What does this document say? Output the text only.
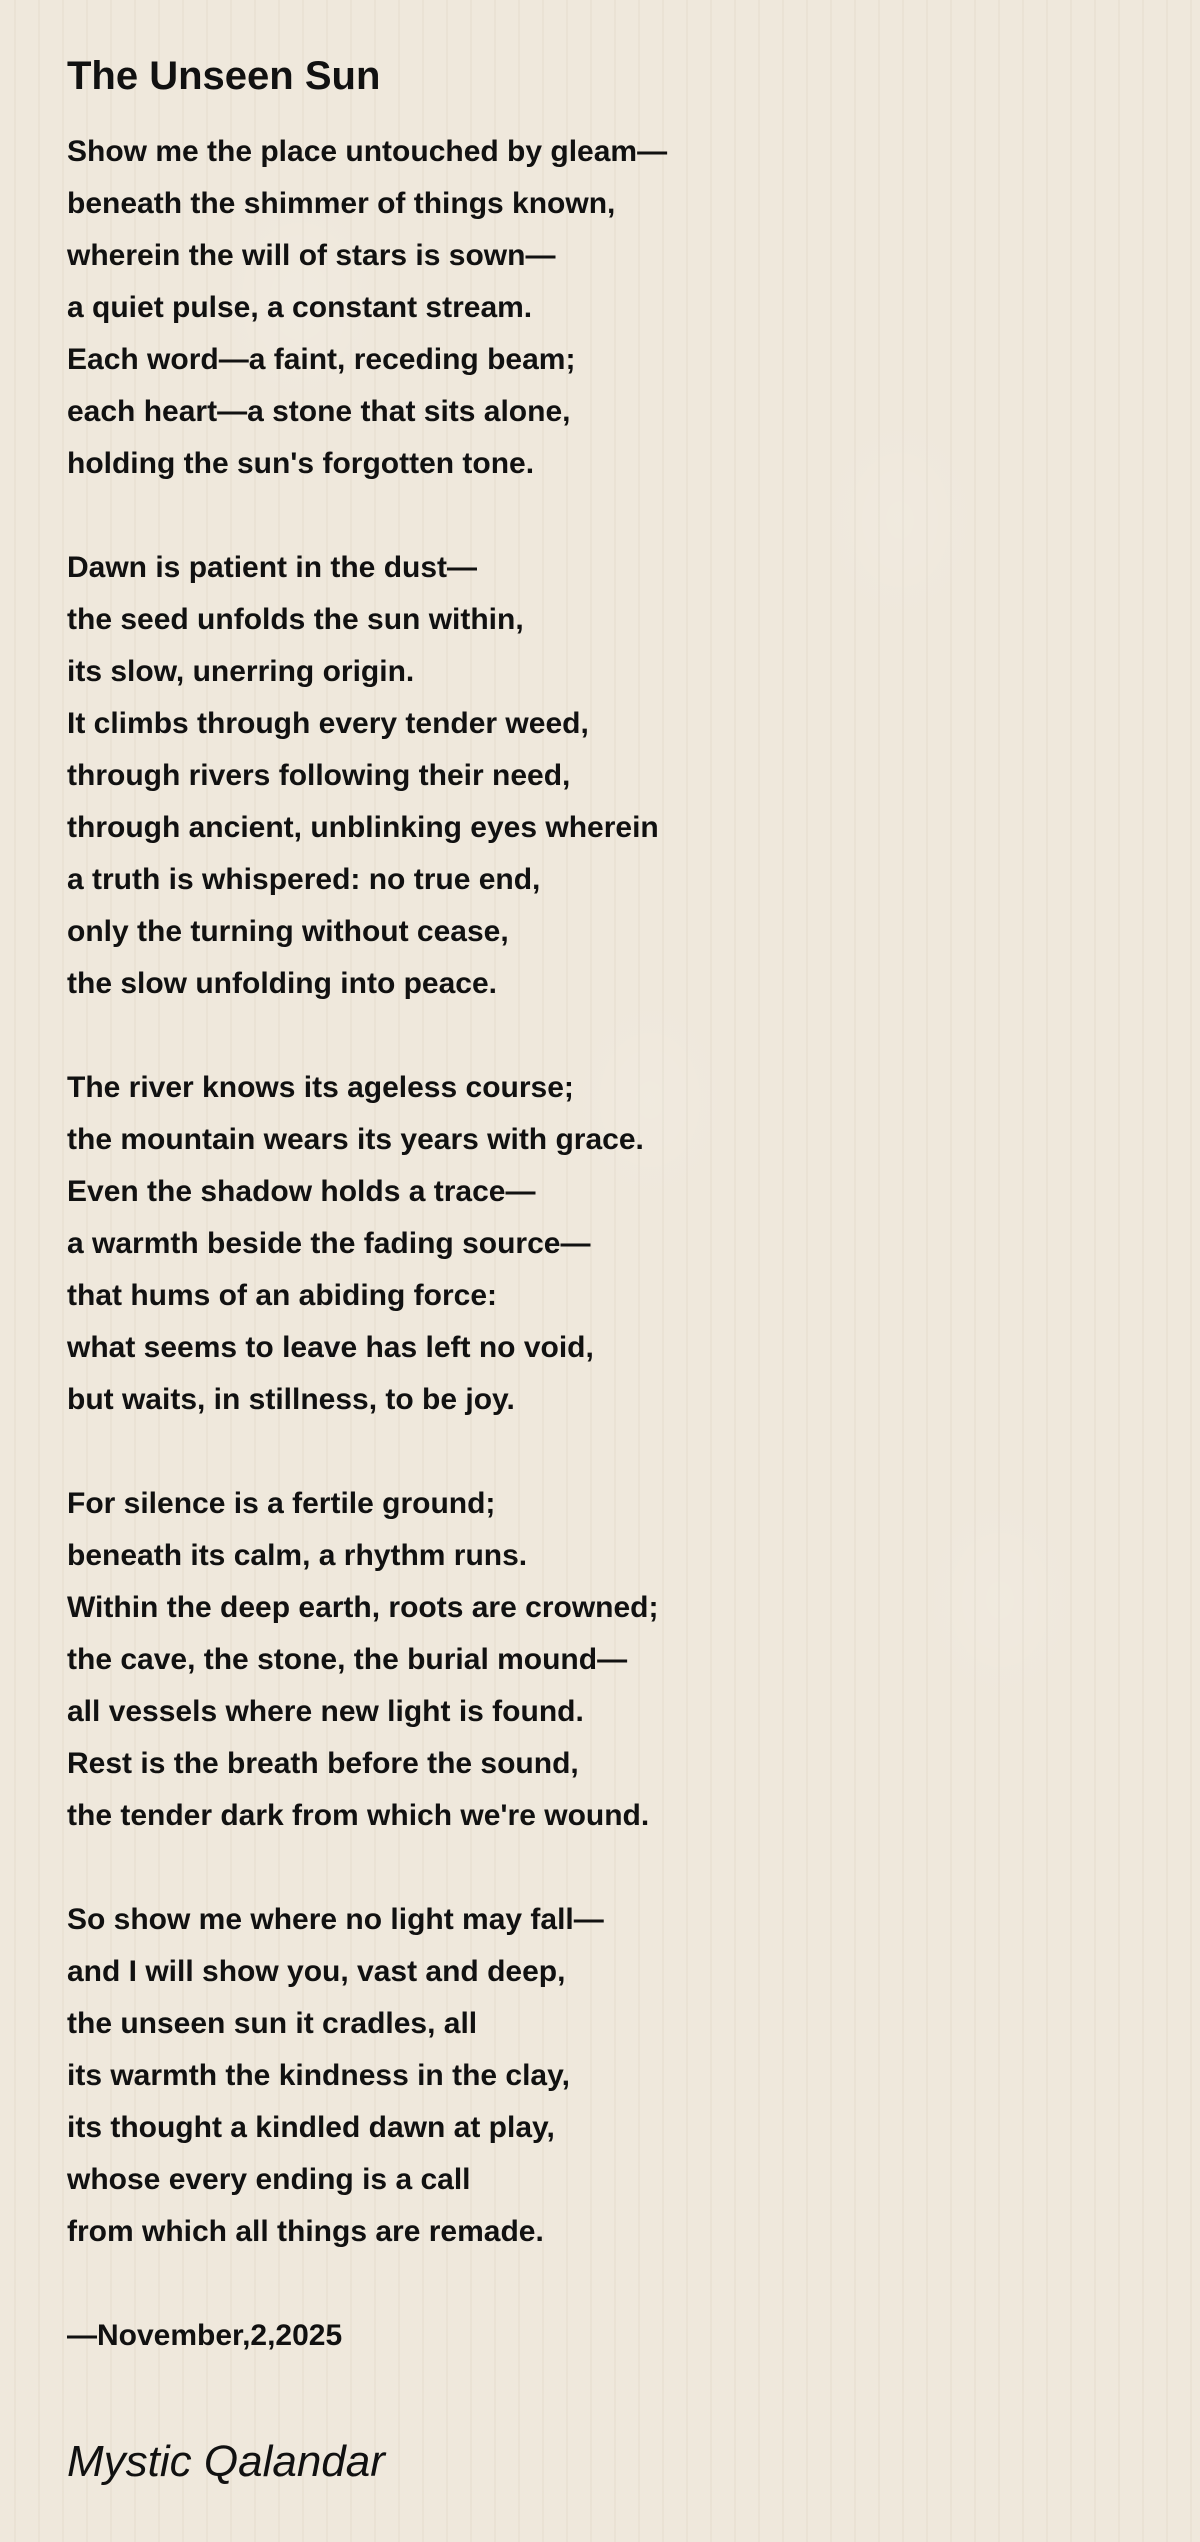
The Unseen Sun
Show me the place untouched by gleam—
beneath the shimmer of things known,
wherein the will of stars is sown—
a quiet pulse, a constant stream.
Each word—a faint, receding beam;
each heart—a stone that sits alone,
holding the sun's forgotten tone.
Dawn is patient in the dust—
the seed unfolds the sun within,
its slow, unerring origin.
It climbs through every tender weed,
through rivers following their need,
through ancient, unblinking eyes wherein
a truth is whispered: no true end,
only the turning without cease,
the slow unfolding into peace.
The river knows its ageless course;
the mountain wears its years with grace.
Even the shadow holds a trace—
a warmth beside the fading source—
that hums of an abiding force:
what seems to leave has left no void,
but waits, in stillness, to be joy.
For silence is a fertile ground;
beneath its calm, a rhythm runs.
Within the deep earth, roots are crowned;
the cave, the stone, the burial mound—
all vessels where new light is found.
Rest is the breath before the sound,
the tender dark from which we're wound.
So show me where no light may fall—
and I will show you, vast and deep,
the unseen sun it cradles, all
its warmth the kindness in the clay,
its thought a kindled dawn at play,
whose every ending is a call
from which all things are remade.

—November,2,2025

Mystic Qalandar
